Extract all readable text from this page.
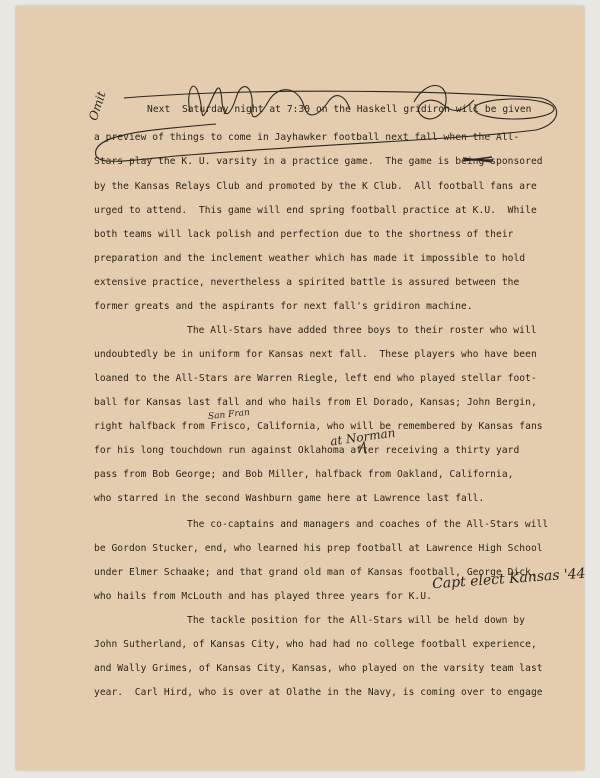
Next  Saturday night at 7:30 on the Haskell gridiron will be given
a preview of things to come in Jayhawker football next fall when the All-
Stars play the K. U. varsity in a practice game.  The game is being sponsored
by the Kansas Relays Club and promoted by the K Club.  All football fans are
urged to attend.  This game will end spring football practice at K.U.  While
both teams will lack polish and perfection due to the shortness of their
preparation and the inclement weather which has made it impossible to hold
extensive practice, nevertheless a spirited battle is assured between the
former greats and the aspirants for next fall's gridiron machine.
The All-Stars have added three boys to their roster who will
undoubtedly be in uniform for Kansas next fall.  These players who have been
loaned to the All-Stars are Warren Riegle, left end who played stellar foot-
ball for Kansas last fall and who hails from El Dorado, Kansas; John Bergin,
right halfback from Frisco, California, who will be remembered by Kansas fans
for his long touchdown run against Oklahoma after receiving a thirty yard
pass from Bob George; and Bob Miller, halfback from Oakland, California,
who starred in the second Washburn game here at Lawrence last fall.
The co-captains and managers and coaches of the All-Stars will
be Gordon Stucker, end, who learned his prep football at Lawrence High School
under Elmer Schaake; and that grand old man of Kansas football, George Dick,
who hails from McLouth and has played three years for K.U.
The tackle position for the All-Stars will be held down by
John Sutherland, of Kansas City, who had had no college football experience,
and Wally Grimes, of Kansas City, Kansas, who played on the varsity team last
year.  Carl Hird, who is over at Olathe in the Navy, is coming over to engage
Omit
San Fran
at Norman
Capt elect Kansas '44
